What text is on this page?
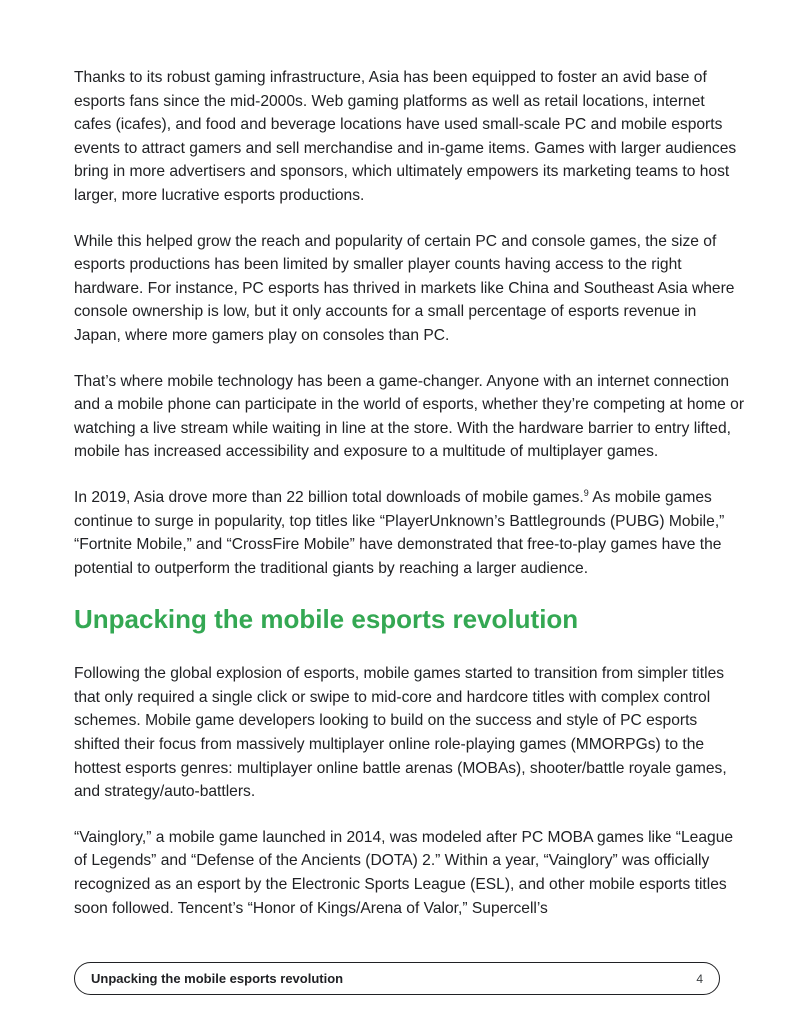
Thanks to its robust gaming infrastructure, Asia has been equipped to foster an avid base of esports fans since the mid-2000s. Web gaming platforms as well as retail locations, internet cafes (icafes), and food and beverage locations have used small-scale PC and mobile esports events to attract gamers and sell merchandise and in-game items. Games with larger audiences bring in more advertisers and sponsors, which ultimately empowers its marketing teams to host larger, more lucrative esports productions.

While this helped grow the reach and popularity of certain PC and console games, the size of esports productions has been limited by smaller player counts having access to the right hardware. For instance, PC esports has thrived in markets like China and Southeast Asia where console ownership is low, but it only accounts for a small percentage of esports revenue in Japan, where more gamers play on consoles than PC.

That’s where mobile technology has been a game-changer. Anyone with an internet connection and a mobile phone can participate in the world of esports, whether they’re competing at home or watching a live stream while waiting in line at the store. With the hardware barrier to entry lifted, mobile has increased accessibility and exposure to a multitude of multiplayer games.

In 2019, Asia drove more than 22 billion total downloads of mobile games.$^9$ As mobile games continue to surge in popularity, top titles like “PlayerUnknown’s Battlegrounds (PUBG) Mobile,” “Fortnite Mobile,” and “CrossFire Mobile” have demonstrated that free-to-play games have the potential to outperform the traditional giants by reaching a larger audience.

Unpacking the mobile esports revolution

Following the global explosion of esports, mobile games started to transition from simpler titles that only required a single click or swipe to mid-core and hardcore titles with complex control schemes. Mobile game developers looking to build on the success and style of PC esports shifted their focus from massively multiplayer online role-playing games (MMORPGs) to the hottest esports genres: multiplayer online battle arenas (MOBAs), shooter/battle royale games, and strategy/auto-battlers.

“Vainglory,” a mobile game launched in 2014, was modeled after PC MOBA games like “League of Legends” and “Defense of the Ancients (DOTA) 2.” Within a year, “Vainglory” was officially recognized as an esport by the Electronic Sports League (ESL), and other mobile esports titles soon followed. Tencent’s “Honor of Kings/Arena of Valor,” Supercell’s

Unpacking the mobile esports revolution	4
